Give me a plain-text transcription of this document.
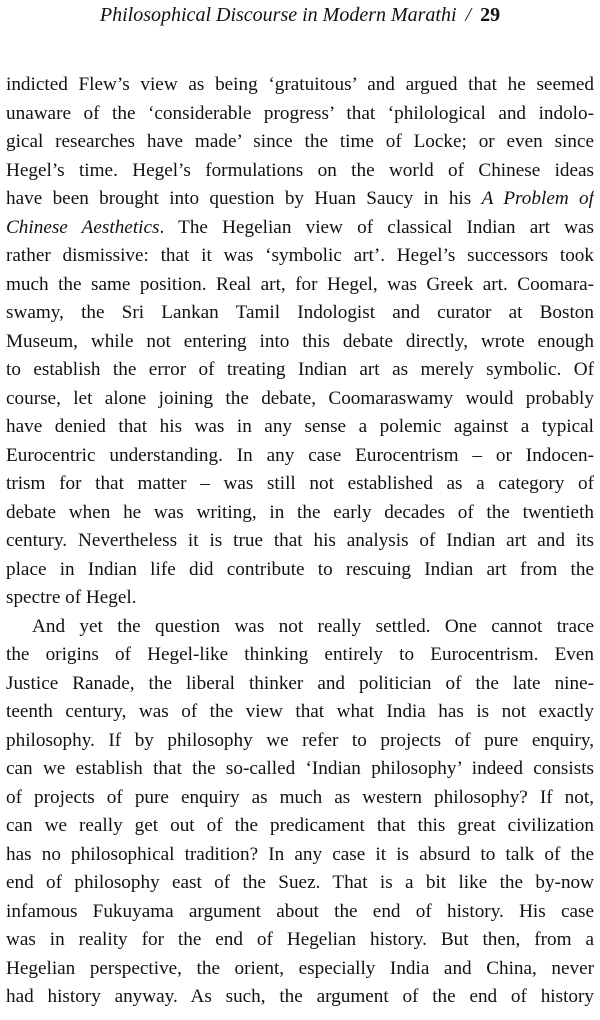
Philosophical Discourse in Modern Marathi / 29
indicted Flew’s view as being ‘gratuitous’ and argued that he seemed
unaware of the ‘considerable progress’ that ‘philological and indolo-
gical researches have made’ since the time of Locke; or even since
Hegel’s time. Hegel’s formulations on the world of Chinese ideas
have been brought into question by Huan Saucy in his A Problem of
Chinese Aesthetics. The Hegelian view of classical Indian art was
rather dismissive: that it was ‘symbolic art’. Hegel’s successors took
much the same position. Real art, for Hegel, was Greek art. Coomara-
swamy, the Sri Lankan Tamil Indologist and curator at Boston
Museum, while not entering into this debate directly, wrote enough
to establish the error of treating Indian art as merely symbolic. Of
course, let alone joining the debate, Coomaraswamy would probably
have denied that his was in any sense a polemic against a typical
Eurocentric understanding. In any case Eurocentrism – or Indocen-
trism for that matter – was still not established as a category of
debate when he was writing, in the early decades of the twentieth
century. Nevertheless it is true that his analysis of Indian art and its
place in Indian life did contribute to rescuing Indian art from the
spectre of Hegel.
And yet the question was not really settled. One cannot trace
the origins of Hegel-like thinking entirely to Eurocentrism. Even
Justice Ranade, the liberal thinker and politician of the late nine-
teenth century, was of the view that what India has is not exactly
philosophy. If by philosophy we refer to projects of pure enquiry,
can we establish that the so-called ‘Indian philosophy’ indeed consists
of projects of pure enquiry as much as western philosophy? If not,
can we really get out of the predicament that this great civilization
has no philosophical tradition? In any case it is absurd to talk of the
end of philosophy east of the Suez. That is a bit like the by-now
infamous Fukuyama argument about the end of history. His case
was in reality for the end of Hegelian history. But then, from a
Hegelian perspective, the orient, especially India and China, never
had history anyway. As such, the argument of the end of history
